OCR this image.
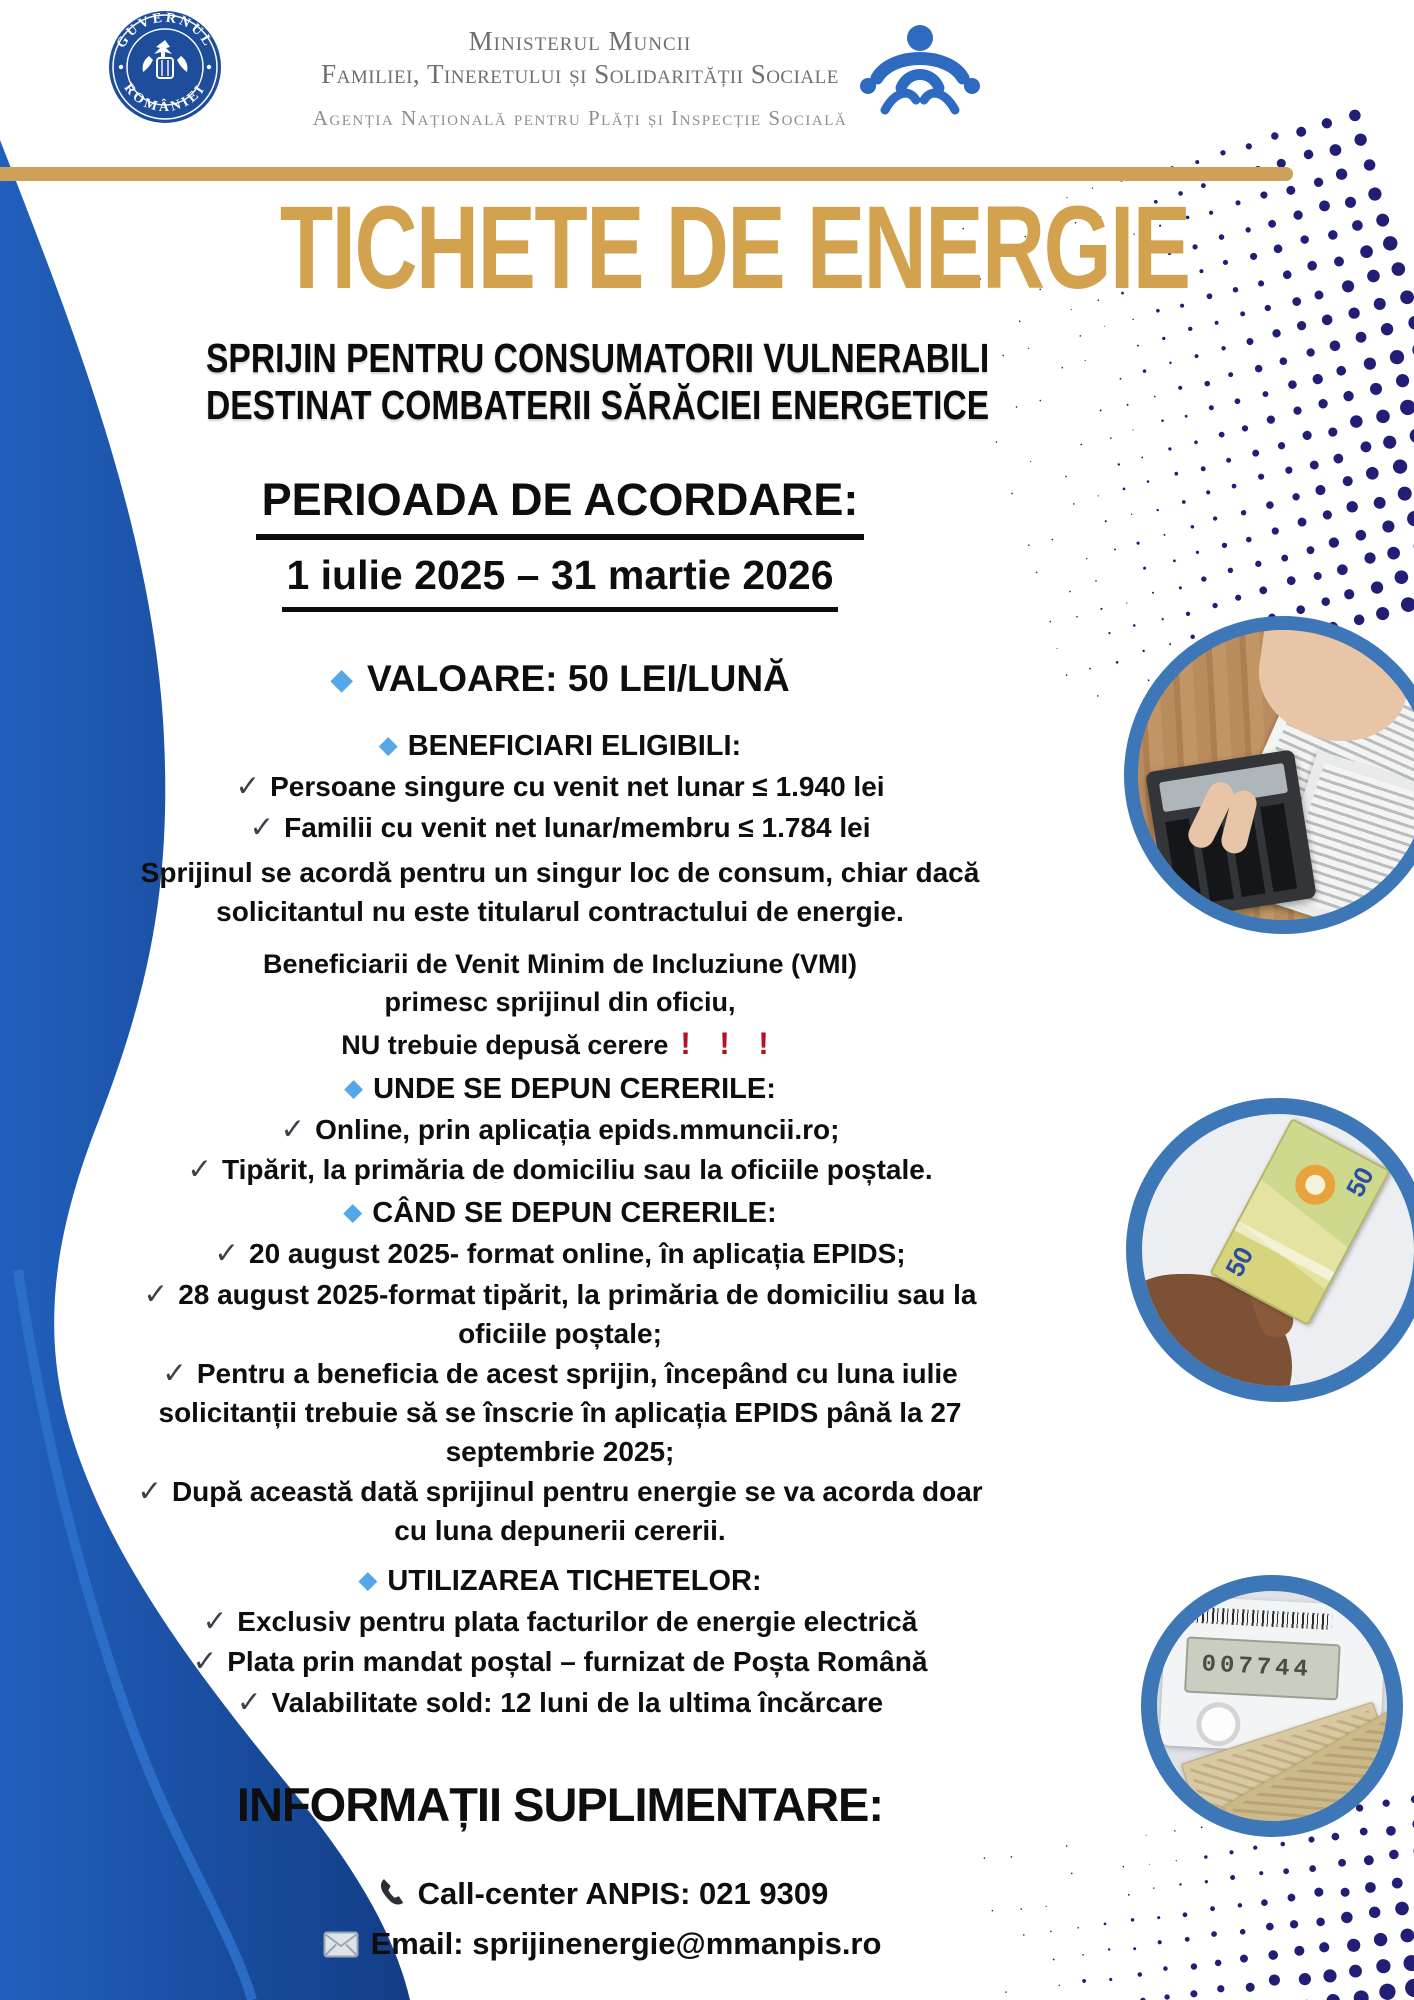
GUVERNUL
ROMÂNIEI
Ministerul Muncii
Familiei, Tineretului și Solidarității Sociale
Agenția Națională pentru Plăți și Inspecție Socială
50
50
007744
TICHETE DE ENERGIE
SPRIJIN PENTRU CONSUMATORII VULNERABILI
DESTINAT COMBATERII SĂRĂCIEI ENERGETICE
PERIOADA DE ACORDARE:
1 iulie 2025 – 31 martie 2026
◆ VALOARE: 50 LEI/LUNĂ
◆ BENEFICIARI ELIGIBILI:
✓ Persoane singure cu venit net lunar ≤ 1.940 lei
✓ Familii cu venit net lunar/membru ≤ 1.784 lei
Sprijinul se acordă pentru un singur loc de consum, chiar dacă solicitantul nu este titularul contractului de energie.
Beneficiarii de Venit Minim de Incluziune (VMI)
primesc sprijinul din oficiu,
NU trebuie depusă cerere ! ! !
◆ UNDE SE DEPUN CERERILE:
✓ Online, prin aplicația epids.mmuncii.ro;
✓ Tipărit, la primăria de domiciliu sau la oficiile poștale.
◆ CÂND SE DEPUN CERERILE:
✓ 20 august 2025- format online, în aplicația EPIDS;
✓ 28 august 2025-format tipărit, la primăria de domiciliu sau la oficiile poștale;
✓ Pentru a beneficia de acest sprijin, începând cu luna iulie solicitanții trebuie să se înscrie în aplicația EPIDS până la 27 septembrie 2025;
✓ După această dată sprijinul pentru energie se va acorda doar cu luna depunerii cererii.
◆ UTILIZAREA TICHETELOR:
✓ Exclusiv pentru plata facturilor de energie electrică
✓ Plata prin mandat poștal – furnizat de Poșta Română
✓ Valabilitate sold: 12 luni de la ultima încărcare
INFORMAȚII SUPLIMENTARE:
Call-center ANPIS: 021 9309
Email: sprijinenergie@mmanpis.ro
